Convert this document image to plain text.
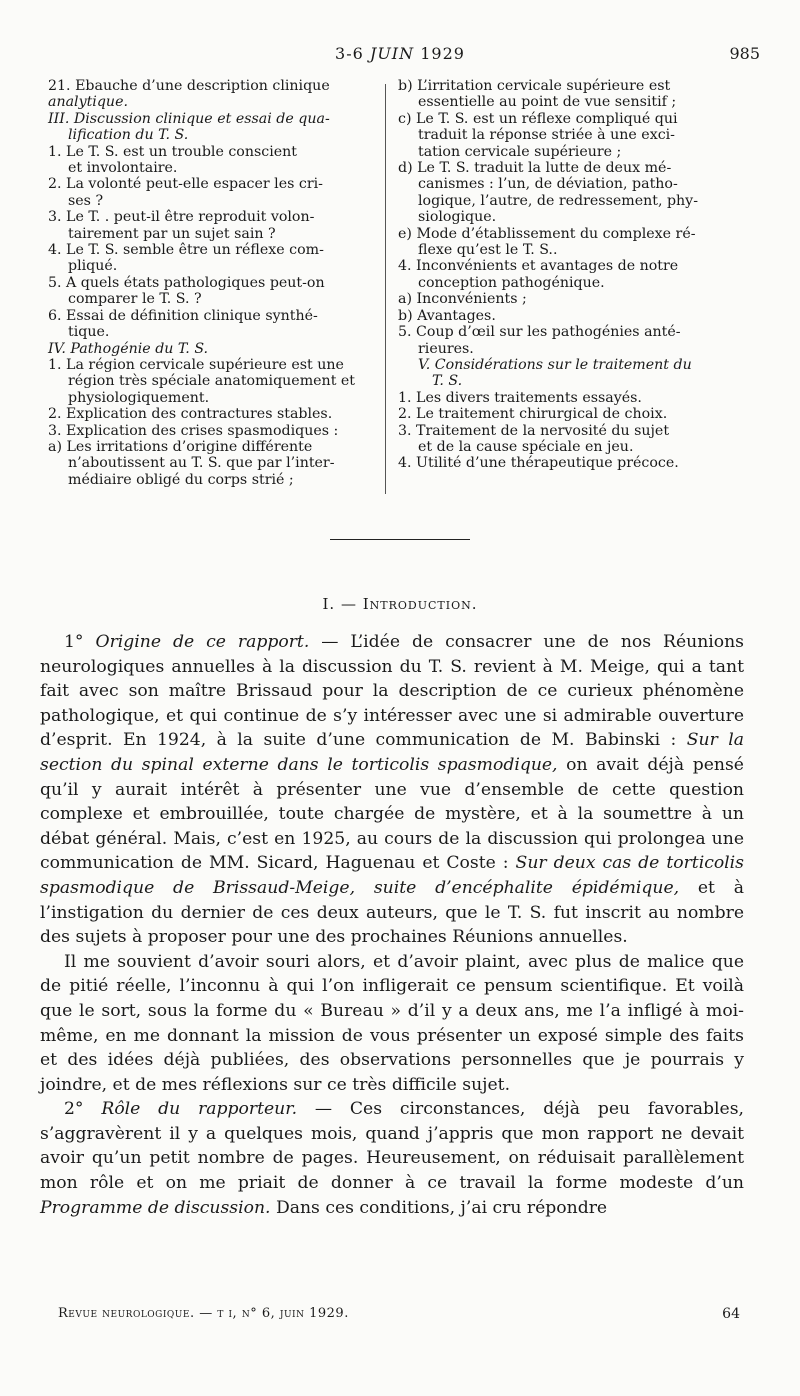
3-6 JUIN 1929	985
21. Ebauche d’une description clinique
analytique.
III. Discussion clinique et essai de qua-
lification du T. S.
1. Le T. S. est un trouble conscient
et involontaire.
2. La volonté peut-elle espacer les cri-
ses ?
3. Le T. . peut-il être reproduit volon-
tairement par un sujet sain ?
4. Le T. S. semble être un réflexe com-
pliqué.
5. A quels états pathologiques peut-on
comparer le T. S. ?
6. Essai de définition clinique synthé-
tique.
IV. Pathogénie du T. S.
1. La région cervicale supérieure est une
région très spéciale anatomiquement et
physiologiquement.
2. Explication des contractures stables.
3. Explication des crises spasmodiques :
a) Les irritations d’origine différente
n’aboutissent au T. S. que par l’inter-
médiaire obligé du corps strié ;
b) L’irritation cervicale supérieure est
essentielle au point de vue sensitif ;
c) Le T. S. est un réflexe compliqué qui
traduit la réponse striée à une exci-
tation cervicale supérieure ;
d) Le T. S. traduit la lutte de deux mé-
canismes : l’un, de déviation, patho-
logique, l’autre, de redressement, phy-
siologique.
e) Mode d’établissement du complexe ré-
flexe qu’est le T. S..
4. Inconvénients et avantages de notre
conception pathogénique.
a) Inconvénients ;
b) Avantages.
5. Coup d’œil sur les pathogénies anté-
rieures.
V. Considérations sur le traitement du
T. S.
1. Les divers traitements essayés.
2. Le traitement chirurgical de choix.
3. Traitement de la nervosité du sujet
et de la cause spéciale en jeu.
4. Utilité d’une thérapeutique précoce.
I. — Introduction.

1° Origine de ce rapport. — L’idée de consacrer une de nos Réunions neurologiques annuelles à la discussion du T. S. revient à M. Meige, qui a tant fait avec son maître Brissaud pour la description de ce curieux phénomène pathologique, et qui continue de s’y intéresser avec une si admirable ouverture d’esprit. En 1924, à la suite d’une communication de M. Babinski : Sur la section du spinal externe dans le torticolis spasmodique, on avait déjà pensé qu’il y aurait intérêt à présenter une vue d’ensemble de cette question complexe et embrouillée, toute chargée de mystère, et à la soumettre à un débat général. Mais, c’est en 1925, au cours de la discussion qui prolongea une communication de MM. Sicard, Haguenau et Coste : Sur deux cas de torticolis spasmodique de Brissaud-Meige, suite d’encéphalite épidémique, et à l’instigation du dernier de ces deux auteurs, que le T. S. fut inscrit au nombre des sujets à proposer pour une des prochaines Réunions annuelles.

Il me souvient d’avoir souri alors, et d’avoir plaint, avec plus de malice que de pitié réelle, l’inconnu à qui l’on infligerait ce pensum scientifique. Et voilà que le sort, sous la forme du « Bureau » d’il y a deux ans, me l’a infligé à moi-même, en me donnant la mission de vous présenter un exposé simple des faits et des idées déjà publiées, des observations personnelles que je pourrais y joindre, et de mes réflexions sur ce très difficile sujet.

2° Rôle du rapporteur. — Ces circonstances, déjà peu favorables, s’aggravèrent il y a quelques mois, quand j’appris que mon rapport ne devait avoir qu’un petit nombre de pages. Heureusement, on réduisait parallèlement mon rôle et on me priait de donner à ce travail la forme modeste d’un Programme de discussion. Dans ces conditions, j’ai cru répondre

Revue neurologique. — t i, n° 6, juin 1929.	64
